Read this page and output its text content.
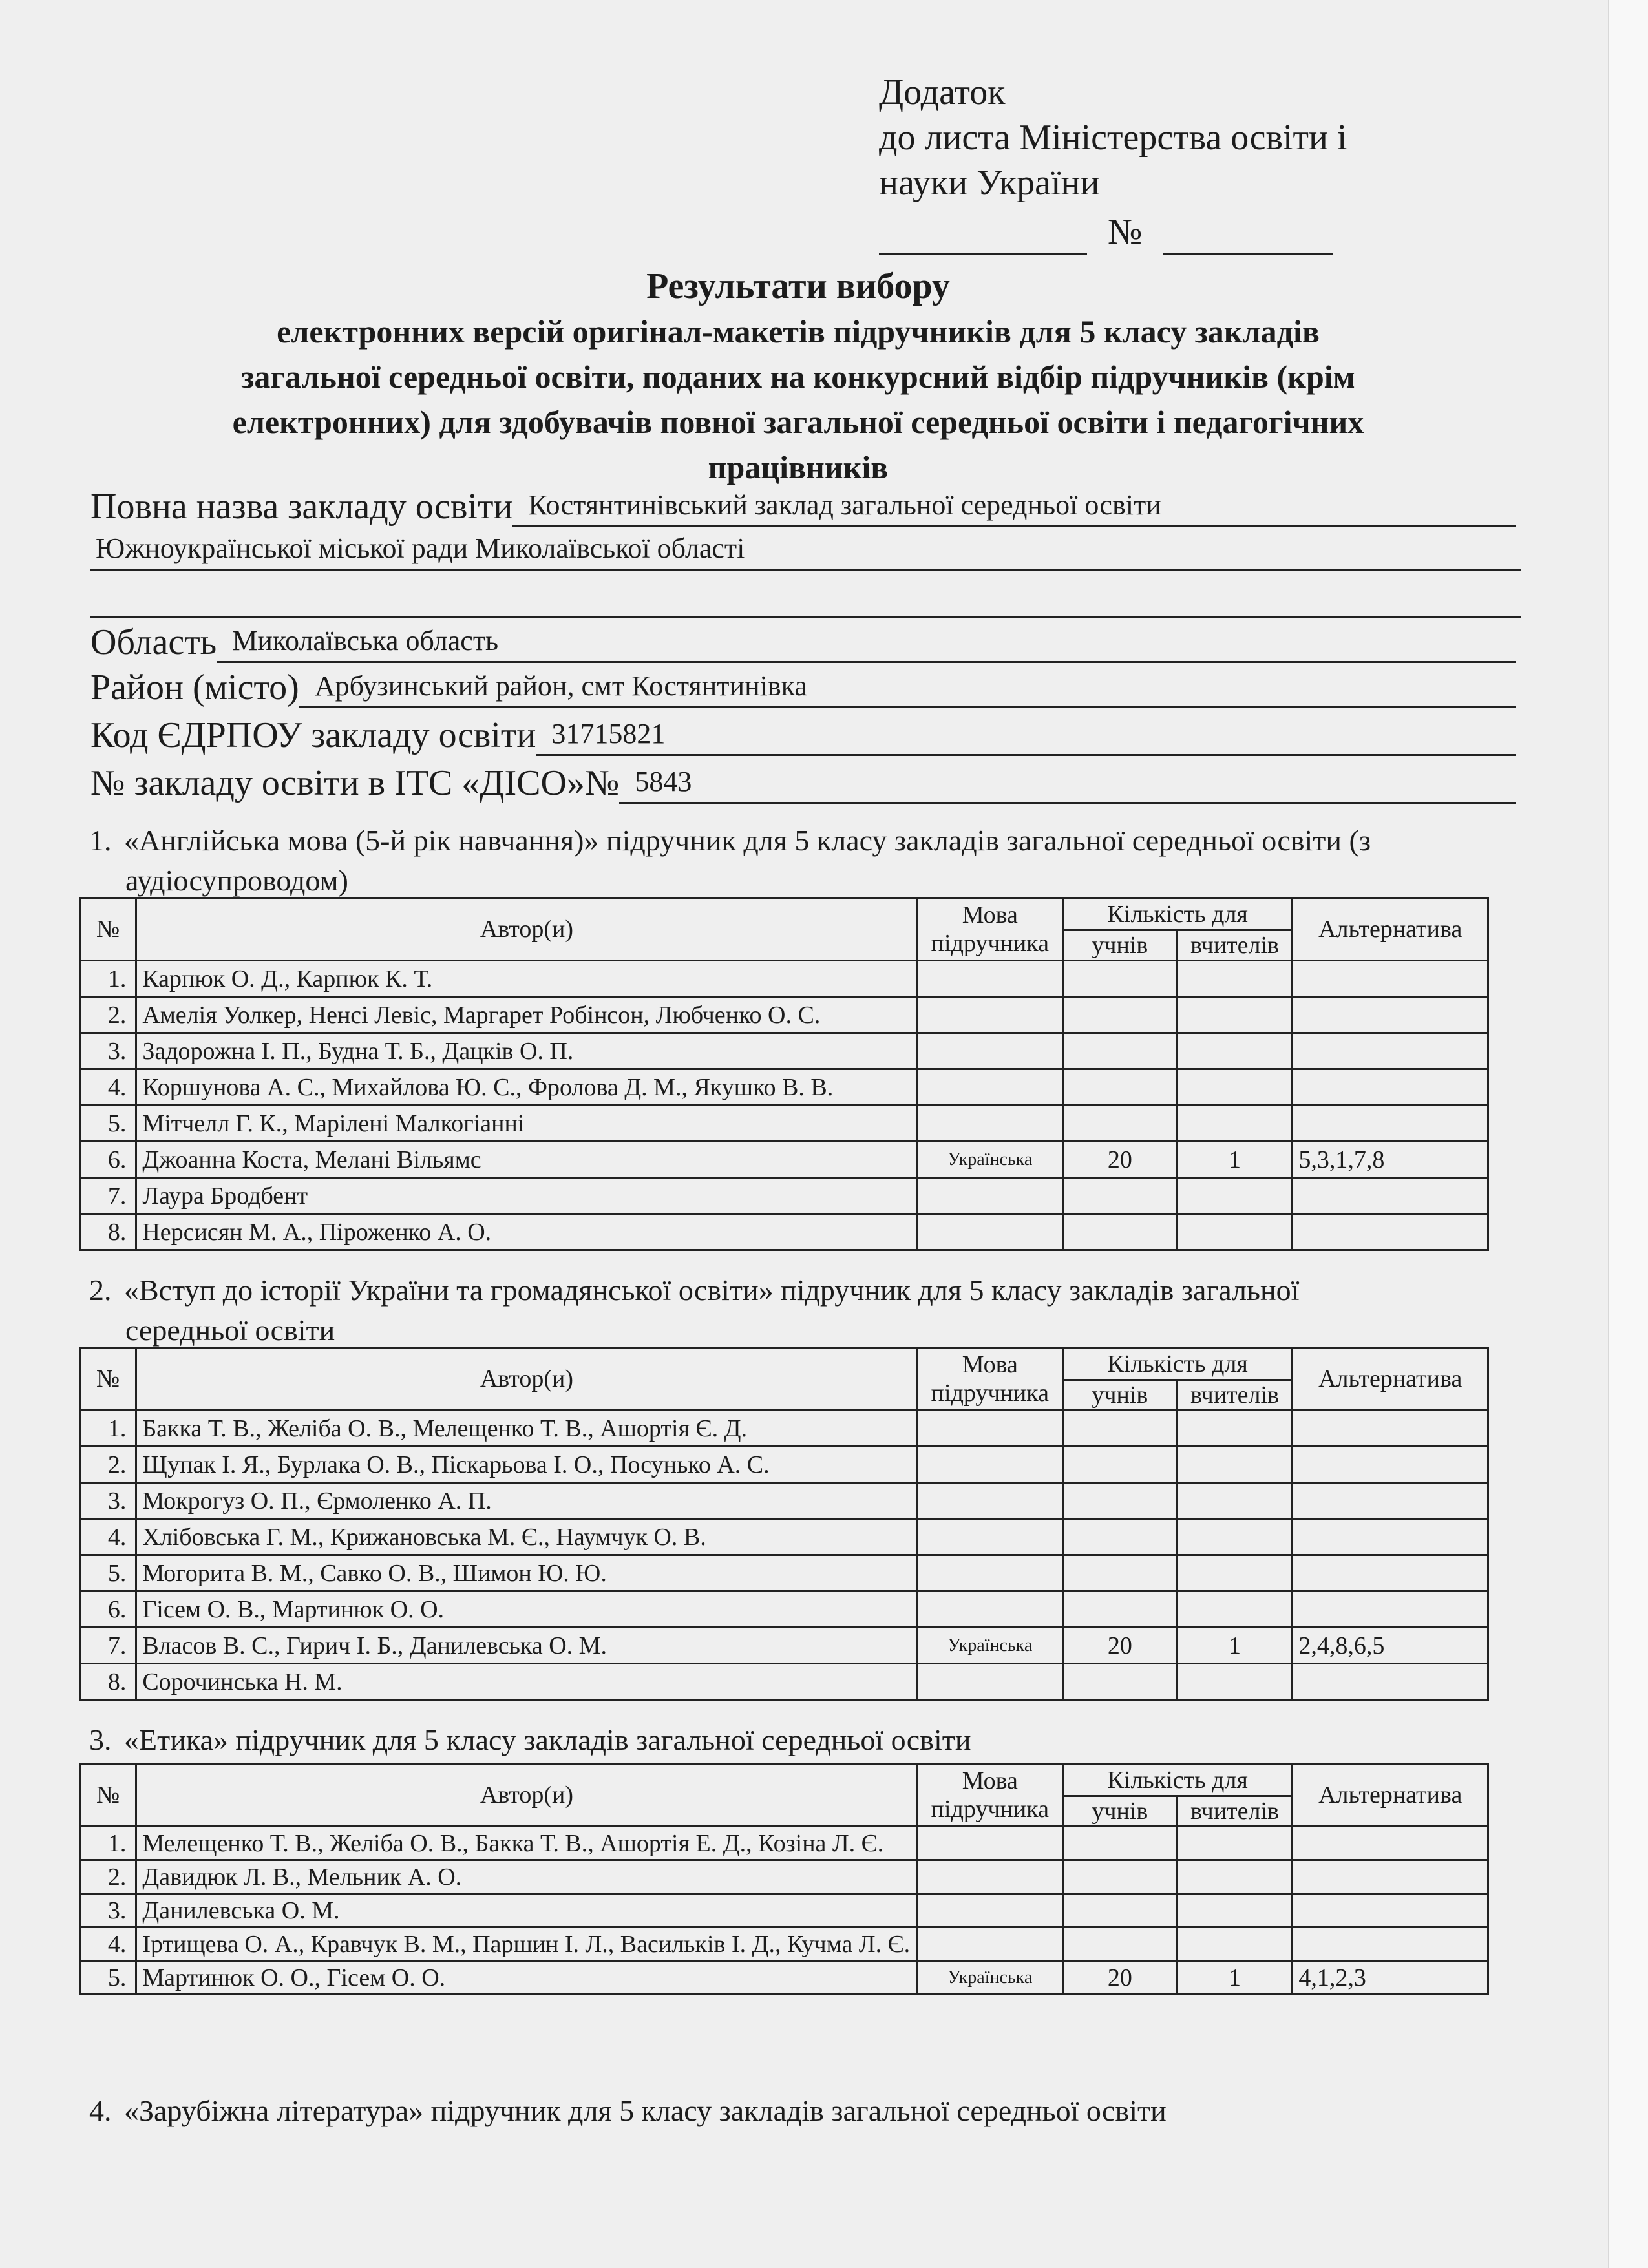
Додаток
до листа Міністерства освіти і
науки України
№
Результати вибору
електронних версій оригінал-макетів підручників для 5 класу закладів
загальної середньої освіти, поданих на конкурсний відбір підручників (крім
електронних) для здобувачів повної загальної середньої освіти і педагогічних
працівників
Повна назва закладу освіти Костянтинівський заклад загальної середньої освіти
Южноукраїнської міської ради Миколаївської області
Область Миколаївська область
Район (місто) Арбузинський район, смт Костянтинівка
Код ЄДРПОУ закладу освіти 31715821
№ закладу освіти в ІТС «ДІСО»№ 5843
1. «Англійська мова (5-й рік навчання)» підручник для 5 класу закладів загальної середньої освіти (з
аудіосупроводом)
№	Автор(и)	Мова підручника	Кількість для		Альтернатива
			учнів	вчителів	
1.	Карпюк О. Д., Карпюк К. Т.				
2.	Амелія Уолкер, Ненсі Левіс, Маргарет Робінсон, Любченко О. С.				
3.	Задорожна І. П., Будна Т. Б., Дацків О. П.				
4.	Коршунова А. С., Михайлова Ю. С., Фролова Д. М., Якушко В. В.				
5.	Мітчелл Г. К., Марілені Малкогіанні				
6.	Джоанна Коста, Мелані Вільямс	Українська	20	1	5,3,1,7,8
7.	Лаура Бродбент				
8.	Нерсисян М. А., Піроженко А. О.				
2. «Вступ до історії України та громадянської освіти» підручник для 5 класу закладів загальної
середньої освіти
№	Автор(и)	Мова підручника	Кількість для		Альтернатива
			учнів	вчителів	
1.	Бакка Т. В., Желіба О. В., Мелещенко Т. В., Ашортія Є. Д.				
2.	Щупак І. Я., Бурлака О. В., Піскарьова І. О., Посунько А. С.				
3.	Мокрогуз О. П., Єрмоленко А. П.				
4.	Хлібовська Г. М., Крижановська М. Є., Наумчук О. В.				
5.	Могорита В. М., Савко О. В., Шимон Ю. Ю.				
6.	Гісем О. В., Мартинюк О. О.				
7.	Власов В. С., Гирич І. Б., Данилевська О. М.	Українська	20	1	2,4,8,6,5
8.	Сорочинська Н. М.				
3. «Етика» підручник для 5 класу закладів загальної середньої освіти
№	Автор(и)	Мова підручника	Кількість для		Альтернатива
			учнів	вчителів	
1.	Мелещенко Т. В., Желіба О. В., Бакка Т. В., Ашортія Е. Д., Козіна Л. Є.				
2.	Давидюк Л. В., Мельник А. О.				
3.	Данилевська О. М.				
4.	Іртищева О. А., Кравчук В. М., Паршин І. Л., Васильків І. Д., Кучма Л. Є.				
5.	Мартинюк О. О., Гісем О. О.	Українська	20	1	4,1,2,3
4. «Зарубіжна література» підручник для 5 класу закладів загальної середньої освіти
